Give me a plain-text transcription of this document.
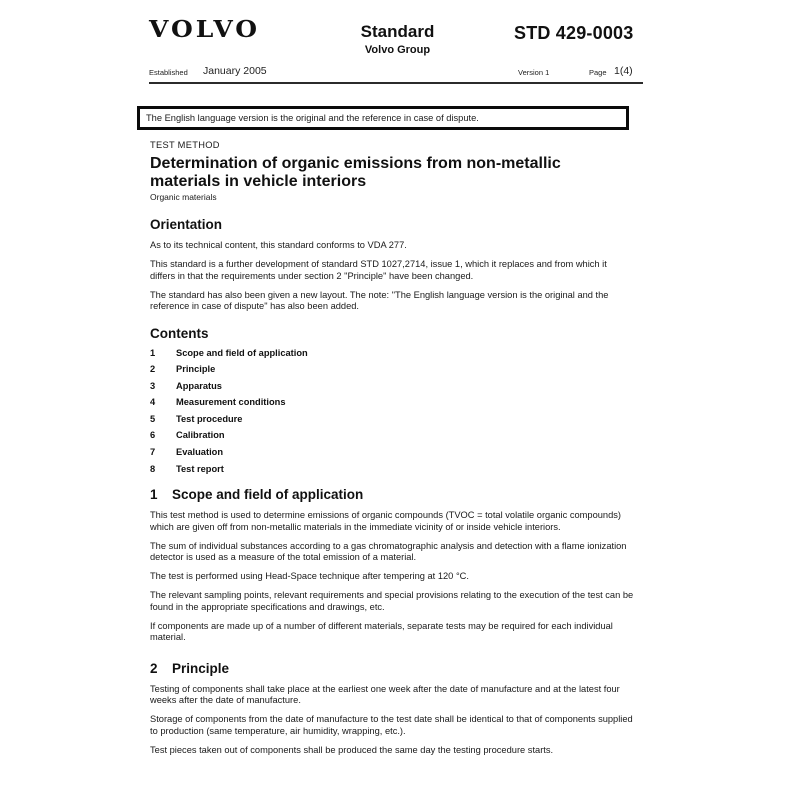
VOLVO	Standard
Volvo Group
STD 429-0003
Established January 2005	Version 1	Page 1(4)
The English language version is the original and the reference in case of dispute.
TEST METHOD
Determination of organic emissions from non-metallic materials in vehicle interiors
Organic materials
Orientation

As to its technical content, this standard conforms to VDA 277.

This standard is a further development of standard STD 1027,2714, issue 1, which it replaces and from which it differs in that the requirements under section 2 "Principle" have been changed.

The standard has also been given a new layout. The note: "The English language version is the original and the reference in case of dispute" has also been added.

Contents
1	Scope and field of application
2	Principle
3	Apparatus
4	Measurement conditions
5	Test procedure
6	Calibration
7	Evaluation
8	Test report
1 Scope and field of application

This test method is used to determine emissions of organic compounds (TVOC = total volatile organic compounds) which are given off from non-metallic materials in the immediate vicinity of or inside vehicle interiors.

The sum of individual substances according to a gas chromatographic analysis and detection with a flame ionization detector is used as a measure of the total emission of a material.

The test is performed using Head-Space technique after tempering at 120 °C.

The relevant sampling points, relevant requirements and special provisions relating to the execution of the test can be found in the appropriate specifications and drawings, etc.

If components are made up of a number of different materials, separate tests may be required for each individual material.

2 Principle

Testing of components shall take place at the earliest one week after the date of manufacture and at the latest four weeks after the date of manufacture.

Storage of components from the date of manufacture to the test date shall be identical to that of components supplied to production (same temperature, air humidity, wrapping, etc.).

Test pieces taken out of components shall be produced the same day the testing procedure starts.
